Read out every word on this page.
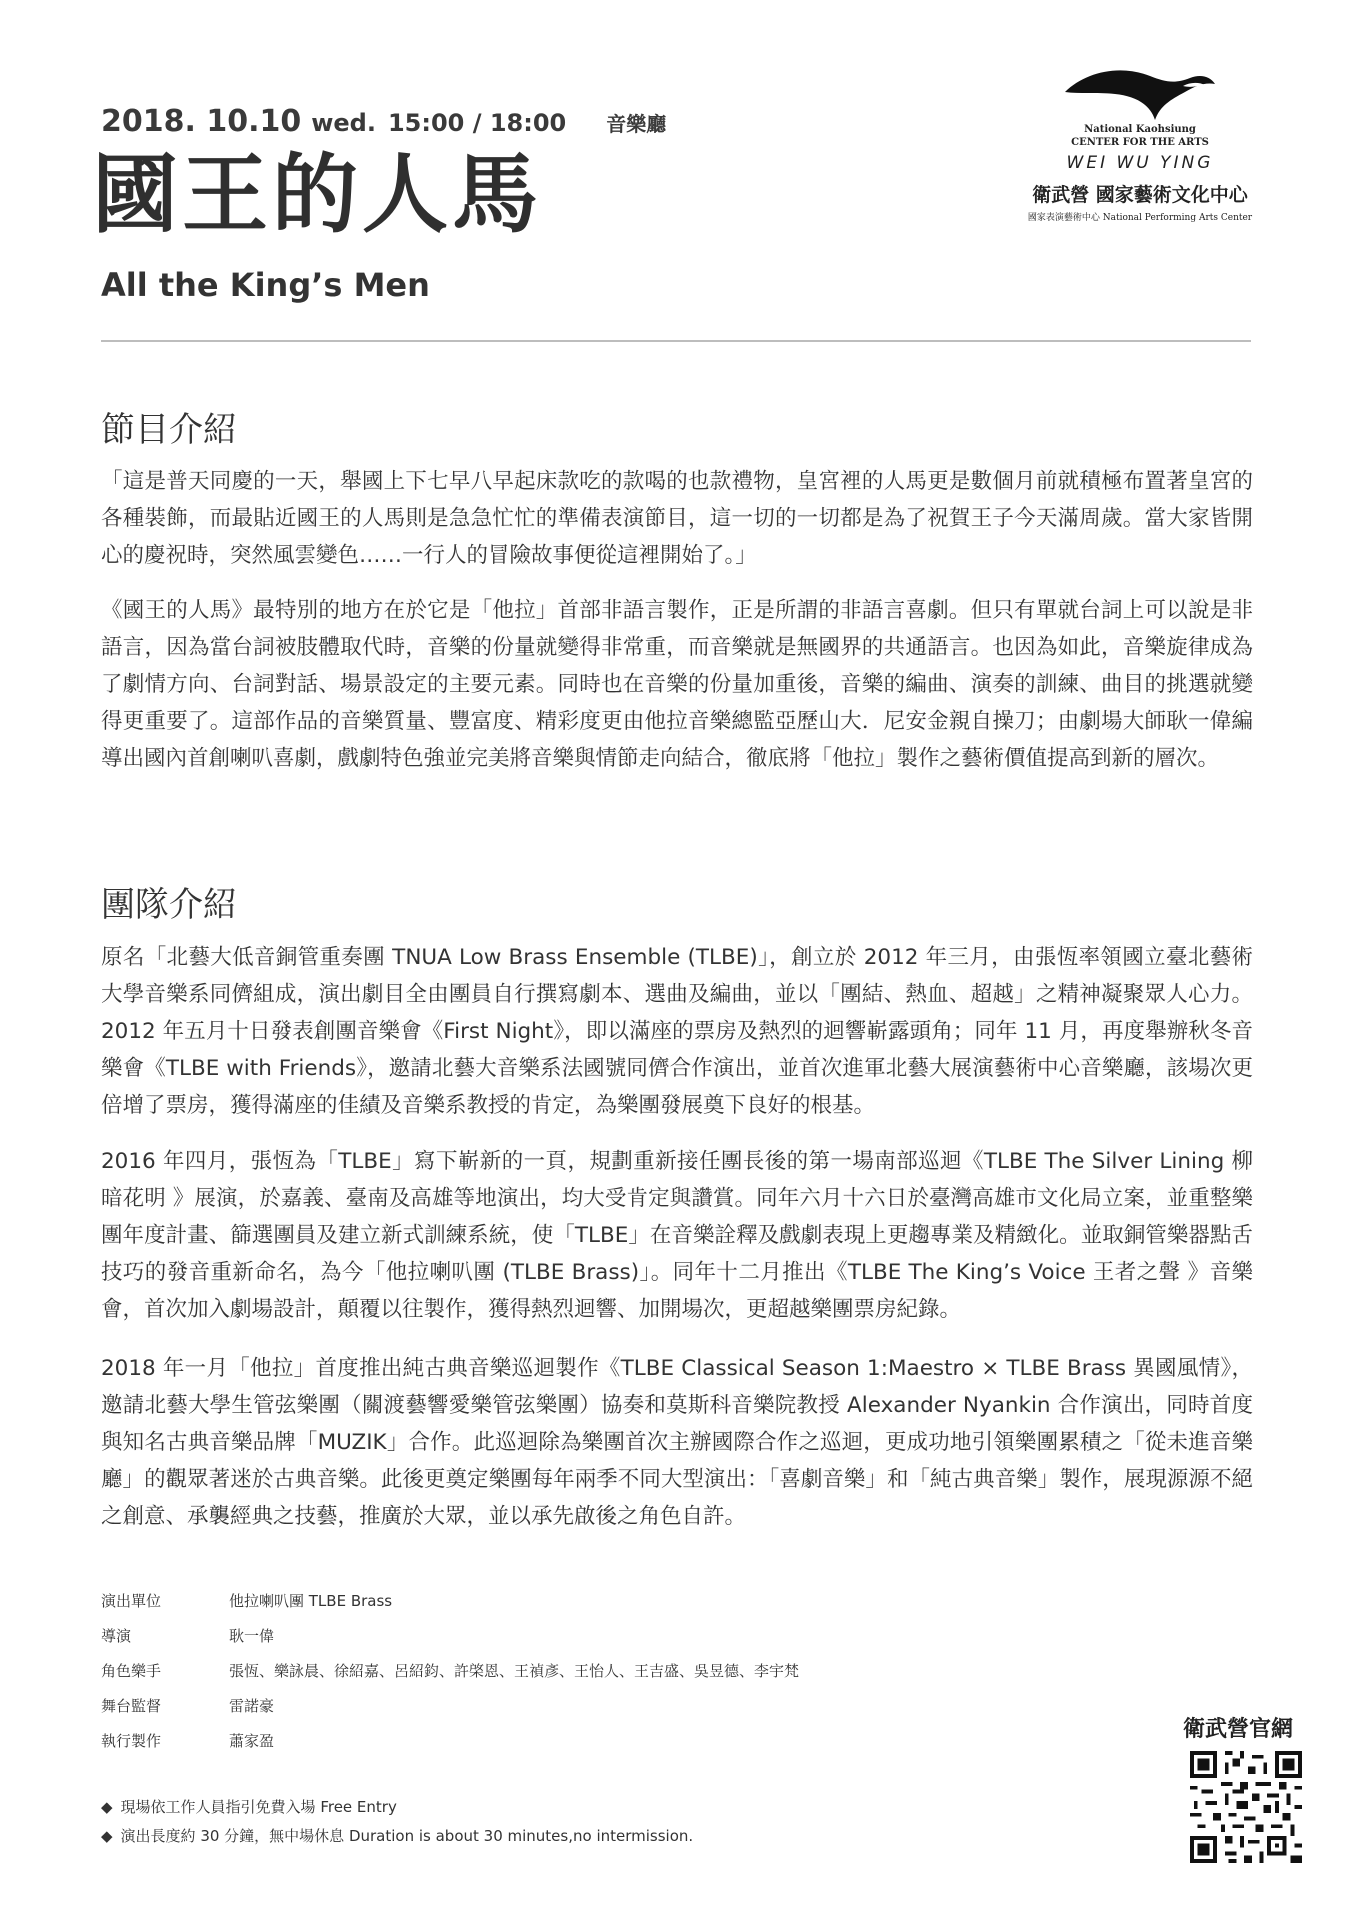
2018. 10.10 wed. 15:00 / 18:00 音樂廳
國王的人馬
All the King’s Men
National Kaohsiung
CENTER FOR THE ARTS
WEI WU YING
衛武營 國家藝術文化中心
國家表演藝術中心 National Performing Arts Center
節目介紹

「這是普天同慶的一天，舉國上下七早八早起床款吃的款喝的也款禮物，皇宮裡的人馬更是數個月前就積極布置著皇宮的各種裝飾，而最貼近國王的人馬則是急急忙忙的準備表演節目，這一切的一切都是為了祝賀王子今天滿周歲。當大家皆開心的慶祝時，突然風雲變色……一行人的冒險故事便從這裡開始了。」

《國王的人馬》最特別的地方在於它是「他拉」首部非語言製作，正是所謂的非語言喜劇。但只有單就台詞上可以說是非語言，因為當台詞被肢體取代時，音樂的份量就變得非常重，而音樂就是無國界的共通語言。也因為如此，音樂旋律成為了劇情方向、台詞對話、場景設定的主要元素。同時也在音樂的份量加重後，音樂的編曲、演奏的訓練、曲目的挑選就變得更重要了。這部作品的音樂質量、豐富度、精彩度更由他拉音樂總監亞歷山大．尼安金親自操刀；由劇場大師耿一偉編導出國內首創喇叭喜劇，戲劇特色強並完美將音樂與情節走向結合，徹底將「他拉」製作之藝術價值提高到新的層次。

團隊介紹

原名「北藝大低音銅管重奏團 TNUA Low Brass Ensemble (TLBE)」，創立於 2012 年三月，由張恆率領國立臺北藝術大學音樂系同儕組成，演出劇目全由團員自行撰寫劇本、選曲及編曲，並以「團結、熱血、超越」之精神凝聚眾人心力。2012 年五月十日發表創團音樂會《First Night》，即以滿座的票房及熱烈的迴響嶄露頭角；同年 11 月，再度舉辦秋冬音樂會《TLBE with Friends》，邀請北藝大音樂系法國號同儕合作演出，並首次進軍北藝大展演藝術中心音樂廳，該場次更倍增了票房，獲得滿座的佳績及音樂系教授的肯定，為樂團發展奠下良好的根基。

2016 年四月，張恆為「TLBE」寫下嶄新的一頁，規劃重新接任團長後的第一場南部巡迴《TLBE The Silver Lining 柳暗花明 》展演，於嘉義、臺南及高雄等地演出，均大受肯定與讚賞。同年六月十六日於臺灣高雄市文化局立案，並重整樂團年度計畫、篩選團員及建立新式訓練系統，使「TLBE」在音樂詮釋及戲劇表現上更趨專業及精緻化。並取銅管樂器點舌技巧的發音重新命名，為今「他拉喇叭團 (TLBE Brass)」。同年十二月推出《TLBE The King’s Voice 王者之聲 》音樂會，首次加入劇場設計，顛覆以往製作，獲得熱烈迴響、加開場次，更超越樂團票房紀錄。

2018 年一月「他拉」首度推出純古典音樂巡迴製作《TLBE Classical Season 1:Maestro × TLBE Brass 異國風情》，邀請北藝大學生管弦樂團（關渡藝響愛樂管弦樂團）協奏和莫斯科音樂院教授 Alexander Nyankin 合作演出，同時首度與知名古典音樂品牌「MUZIK」合作。此巡迴除為樂團首次主辦國際合作之巡迴，更成功地引領樂團累積之「從未進音樂廳」的觀眾著迷於古典音樂。此後更奠定樂團每年兩季不同大型演出：「喜劇音樂」和「純古典音樂」製作，展現源源不絕之創意、承襲經典之技藝，推廣於大眾，並以承先啟後之角色自許。

演出單位	他拉喇叭團 TLBE Brass
導演	耿一偉
角色樂手	張恆、樂詠晨、徐紹嘉、呂紹鈞、許棨恩、王禎彥、王怡人、王吉盛、吳昱德、李宇梵
舞台監督	雷諾豪
執行製作	蕭家盈
◆ 現場依工作人員指引免費入場 Free Entry
◆ 演出長度約 30 分鐘，無中場休息 Duration is about 30 minutes,no intermission.
衛武營官網
